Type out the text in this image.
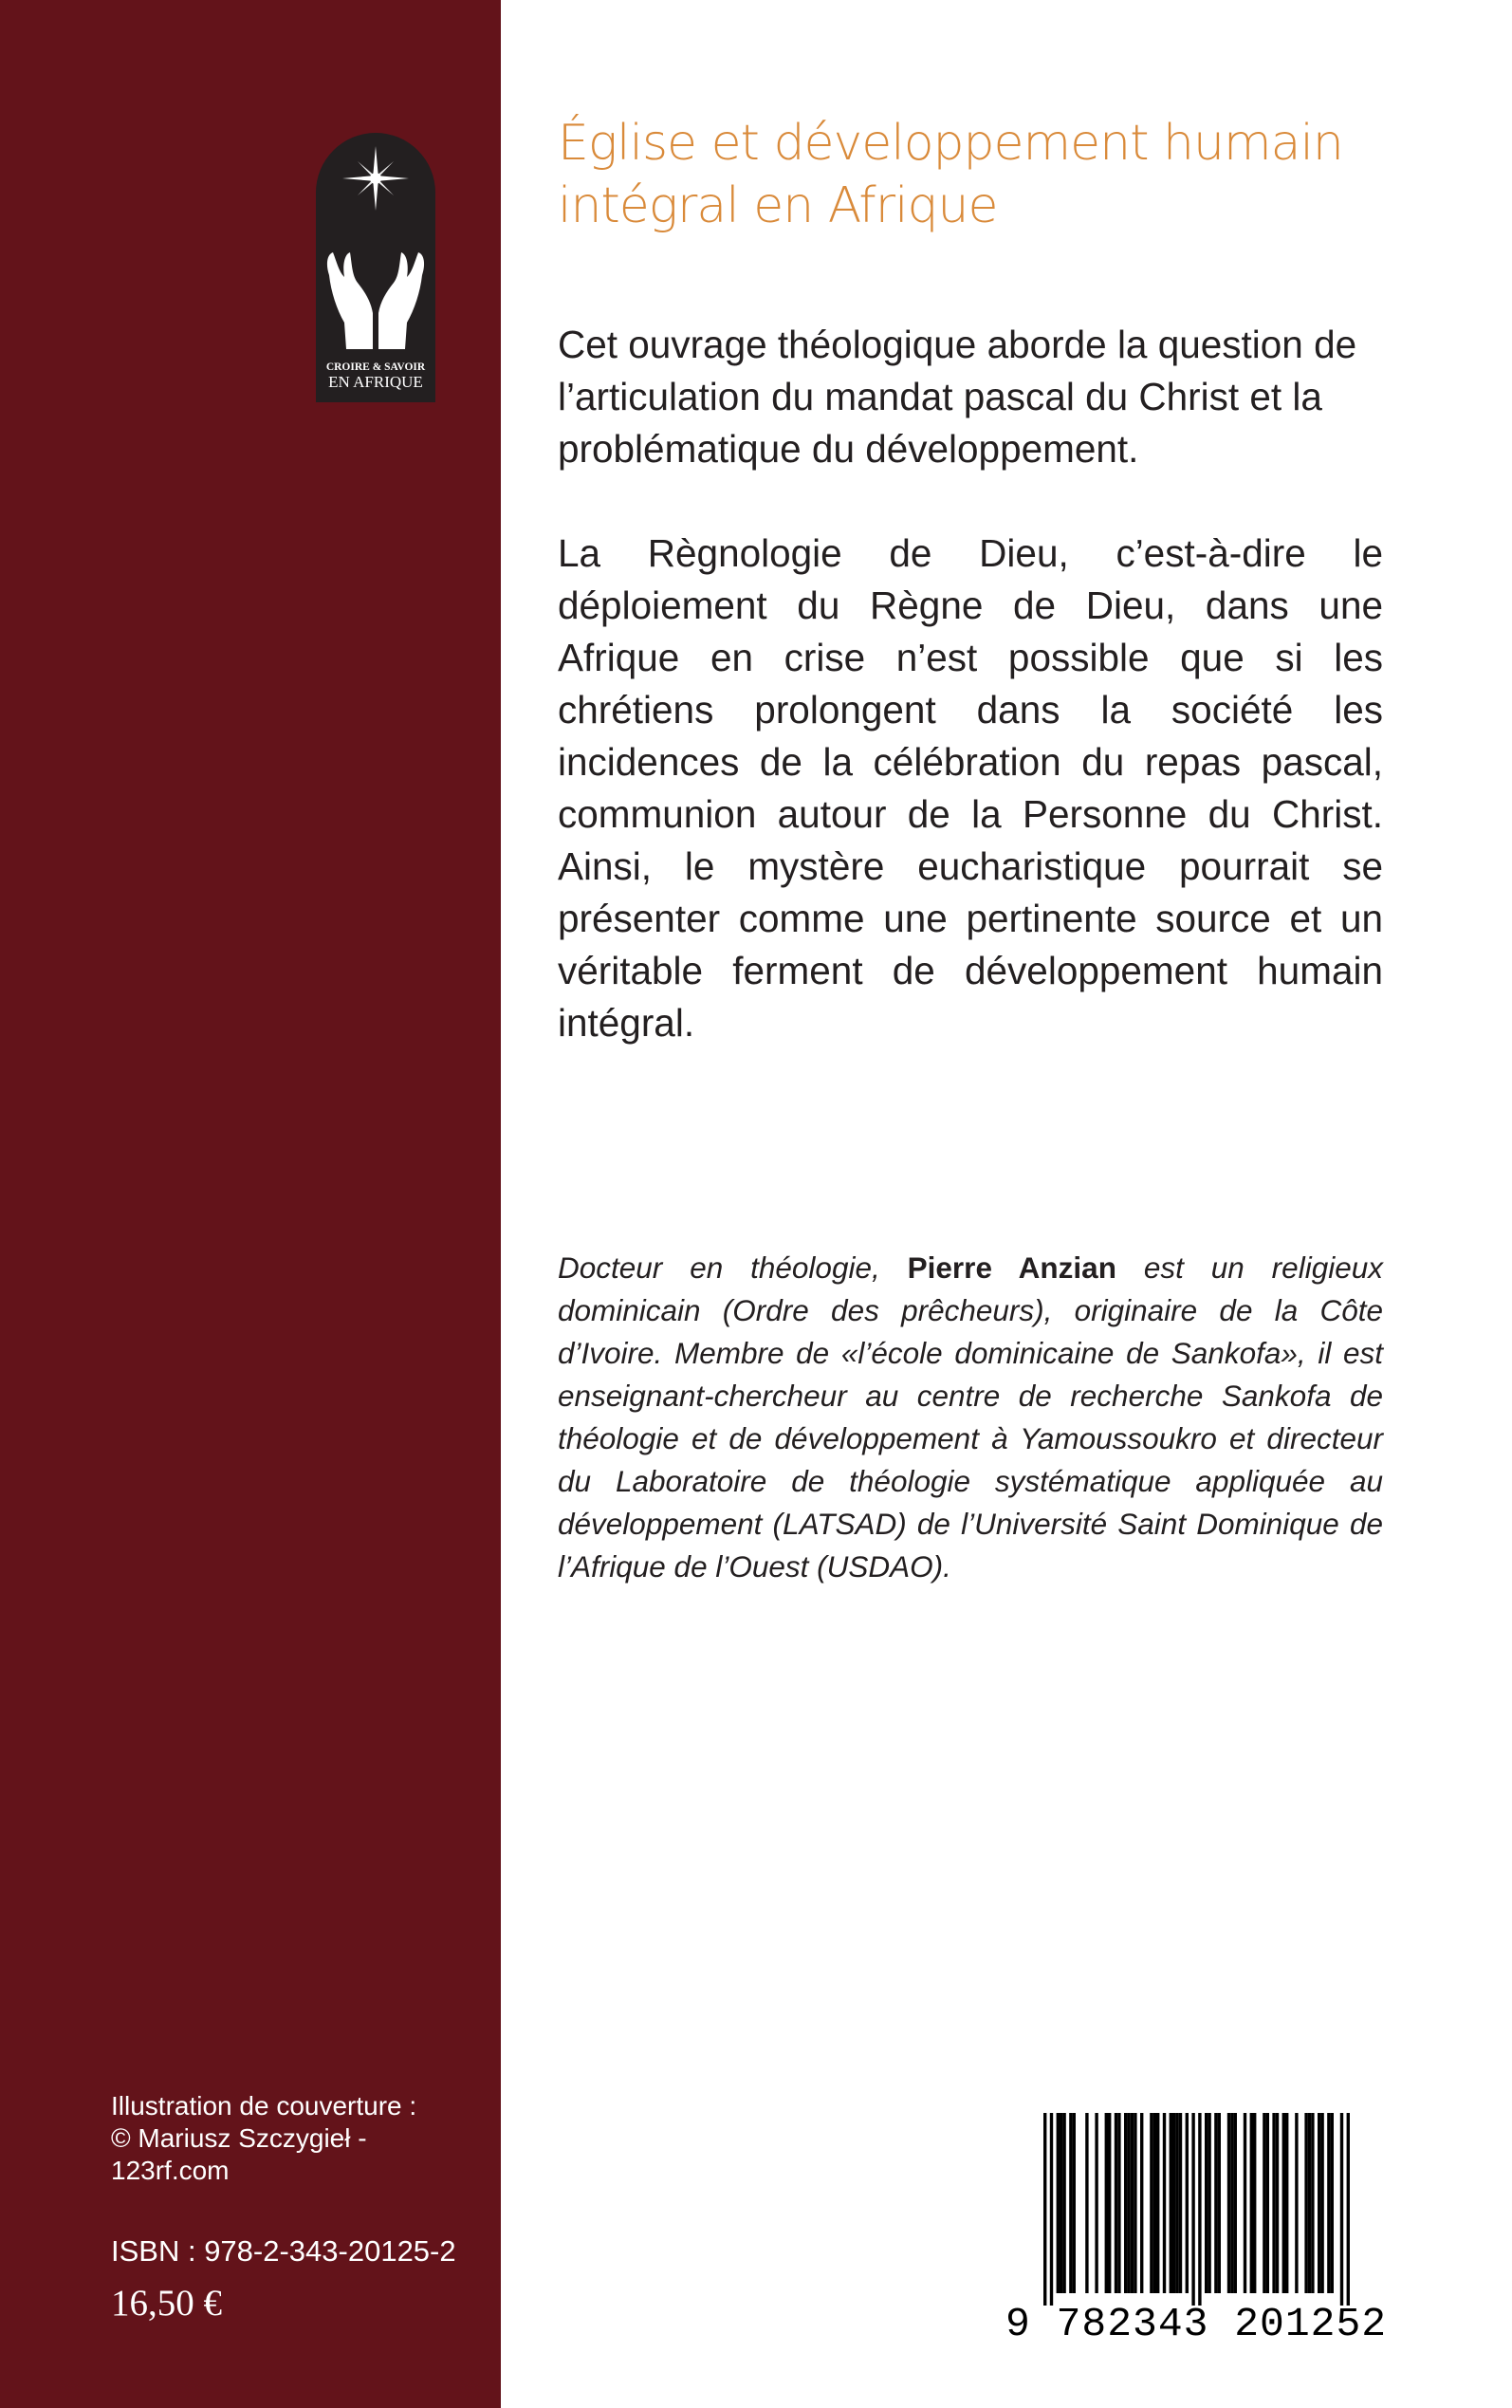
CROIRE & SAVOIR
EN AFRIQUE
Illustration de couverture :
© Mariusz Szczygieł -
123rf.com
ISBN : 978-2-343-20125-2
16,50 €
Église et développement humain
intégral en Afrique

Cet ouvrage théologique aborde la question de l’articulation du mandat pascal du Christ et la problématique du développement.

La Règnologie de Dieu, c’est-à-dire le déploiement du Règne de Dieu, dans une Afrique en crise n’est possible que si les chrétiens prolongent dans la société les incidences de la célébration du repas pascal, communion autour de la Personne du Christ. Ainsi, le mystère eucharistique pourrait se présenter comme une pertinente source et un véritable ferment de développement humain intégral.

Docteur en théologie, Pierre Anzian est un religieux dominicain (Ordre des prêcheurs), originaire de la Côte d’Ivoire. Membre de «l’école dominicaine de Sankofa», il est enseignant-chercheur au centre de recherche Sankofa de théologie et de développement à Yamoussoukro et directeur du Laboratoire de théologie systématique appliquée au développement (LATSAD) de l’Université Saint Dominique de l’Afrique de l’Ouest (USDAO).

9 782343 201252
